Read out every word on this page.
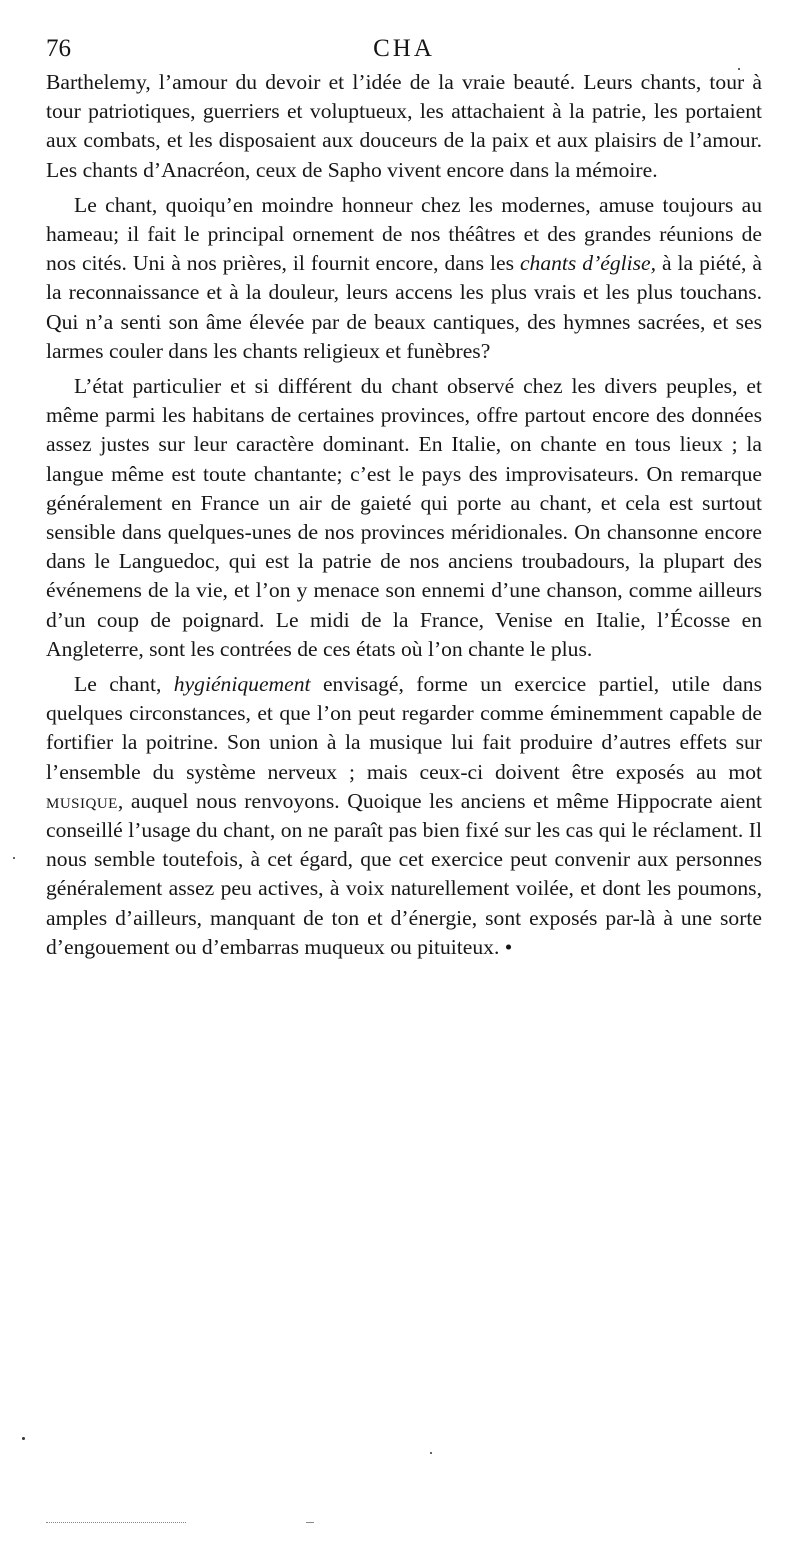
76	CHA

Barthelemy, l’amour du devoir et l’idée de la vraie beauté. Leurs chants, tour à tour patriotiques, guerriers et voluptueux, les attachaient à la patrie, les portaient aux combats, et les disposaient aux douceurs de la paix et aux plaisirs de l’amour. Les chants d’Anacréon, ceux de Sapho vivent encore dans la mémoire.

Le chant, quoiqu’en moindre honneur chez les modernes, amuse toujours au hameau; il fait le principal ornement de nos théâtres et des grandes réunions de nos cités. Uni à nos prières, il fournit encore, dans les chants d’église, à la piété, à la reconnaissance et à la douleur, leurs accens les plus vrais et les plus touchans. Qui n’a senti son âme élevée par de beaux cantiques, des hymnes sacrées, et ses larmes couler dans les chants religieux et funèbres?

L’état particulier et si différent du chant observé chez les divers peuples, et même parmi les habitans de certaines provinces, offre partout encore des données assez justes sur leur caractère dominant. En Italie, on chante en tous lieux ; la langue même est toute chantante; c’est le pays des improvisateurs. On remarque généralement en France un air de gaieté qui porte au chant, et cela est surtout sensible dans quelques-unes de nos provinces méridionales. On chansonne encore dans le Languedoc, qui est la patrie de nos anciens troubadours, la plupart des événemens de la vie, et l’on y menace son ennemi d’une chanson, comme ailleurs d’un coup de poignard. Le midi de la France, Venise en Italie, l’Écosse en Angleterre, sont les contrées de ces états où l’on chante le plus.

Le chant, hygiéniquement envisagé, forme un exercice partiel, utile dans quelques circonstances, et que l’on peut regarder comme éminemment capable de fortifier la poitrine. Son union à la musique lui fait produire d’autres effets sur l’ensemble du système nerveux ; mais ceux-ci doivent être exposés au mot musique, auquel nous renvoyons. Quoique les anciens et même Hippocrate aient conseillé l’usage du chant, on ne paraît pas bien fixé sur les cas qui le réclament. Il nous semble toutefois, à cet égard, que cet exercice peut convenir aux personnes généralement assez peu actives, à voix naturellement voilée, et dont les poumons, amples d’ailleurs, manquant de ton et d’énergie, sont exposés par-là à une sorte d’engouement ou d’embarras muqueux ou pituiteux. •
